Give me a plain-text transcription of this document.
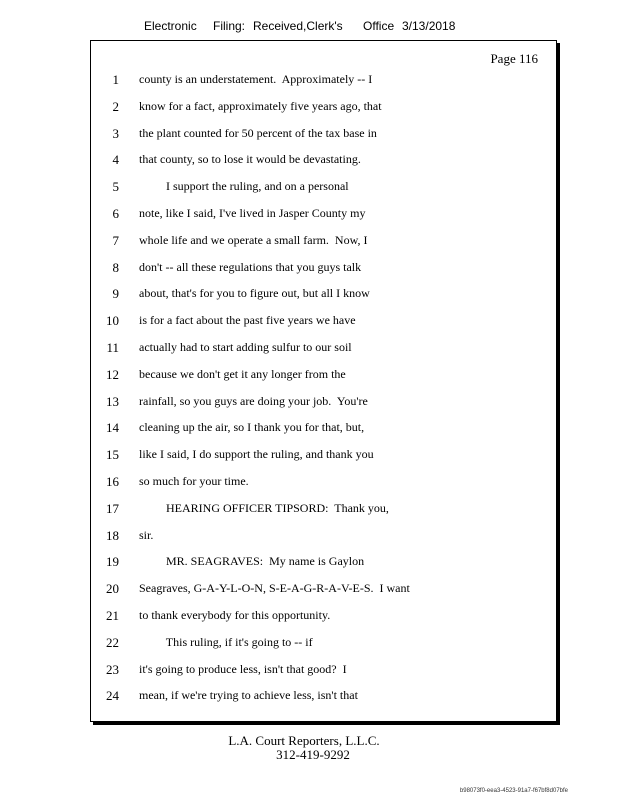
Electronic Filing: Received,Clerk's Office 3/13/2018
Page 116
1 county is an understatement.  Approximately -- I
2 know for a fact, approximately five years ago, that
3 the plant counted for 50 percent of the tax base in
4 that county, so to lose it would be devastating.
5 I support the ruling, and on a personal
6 note, like I said, I've lived in Jasper County my
7 whole life and we operate a small farm.  Now, I
8 don't -- all these regulations that you guys talk
9 about, that's for you to figure out, but all I know
10 is for a fact about the past five years we have
11 actually had to start adding sulfur to our soil
12 because we don't get it any longer from the
13 rainfall, so you guys are doing your job.  You're
14 cleaning up the air, so I thank you for that, but,
15 like I said, I do support the ruling, and thank you
16 so much for your time.
17 HEARING OFFICER TIPSORD:  Thank you,
18 sir.
19 MR. SEAGRAVES:  My name is Gaylon
20 Seagraves, G-A-Y-L-O-N, S-E-A-G-R-A-V-E-S.  I want
21 to thank everybody for this opportunity.
22 This ruling, if it's going to -- if
23 it's going to produce less, isn't that good?  I
24 mean, if we're trying to achieve less, isn't that
L.A. Court Reporters, L.L.C.
312-419-9292
b98073f0-eea3-4523-91a7-f67bf8d07bfe
